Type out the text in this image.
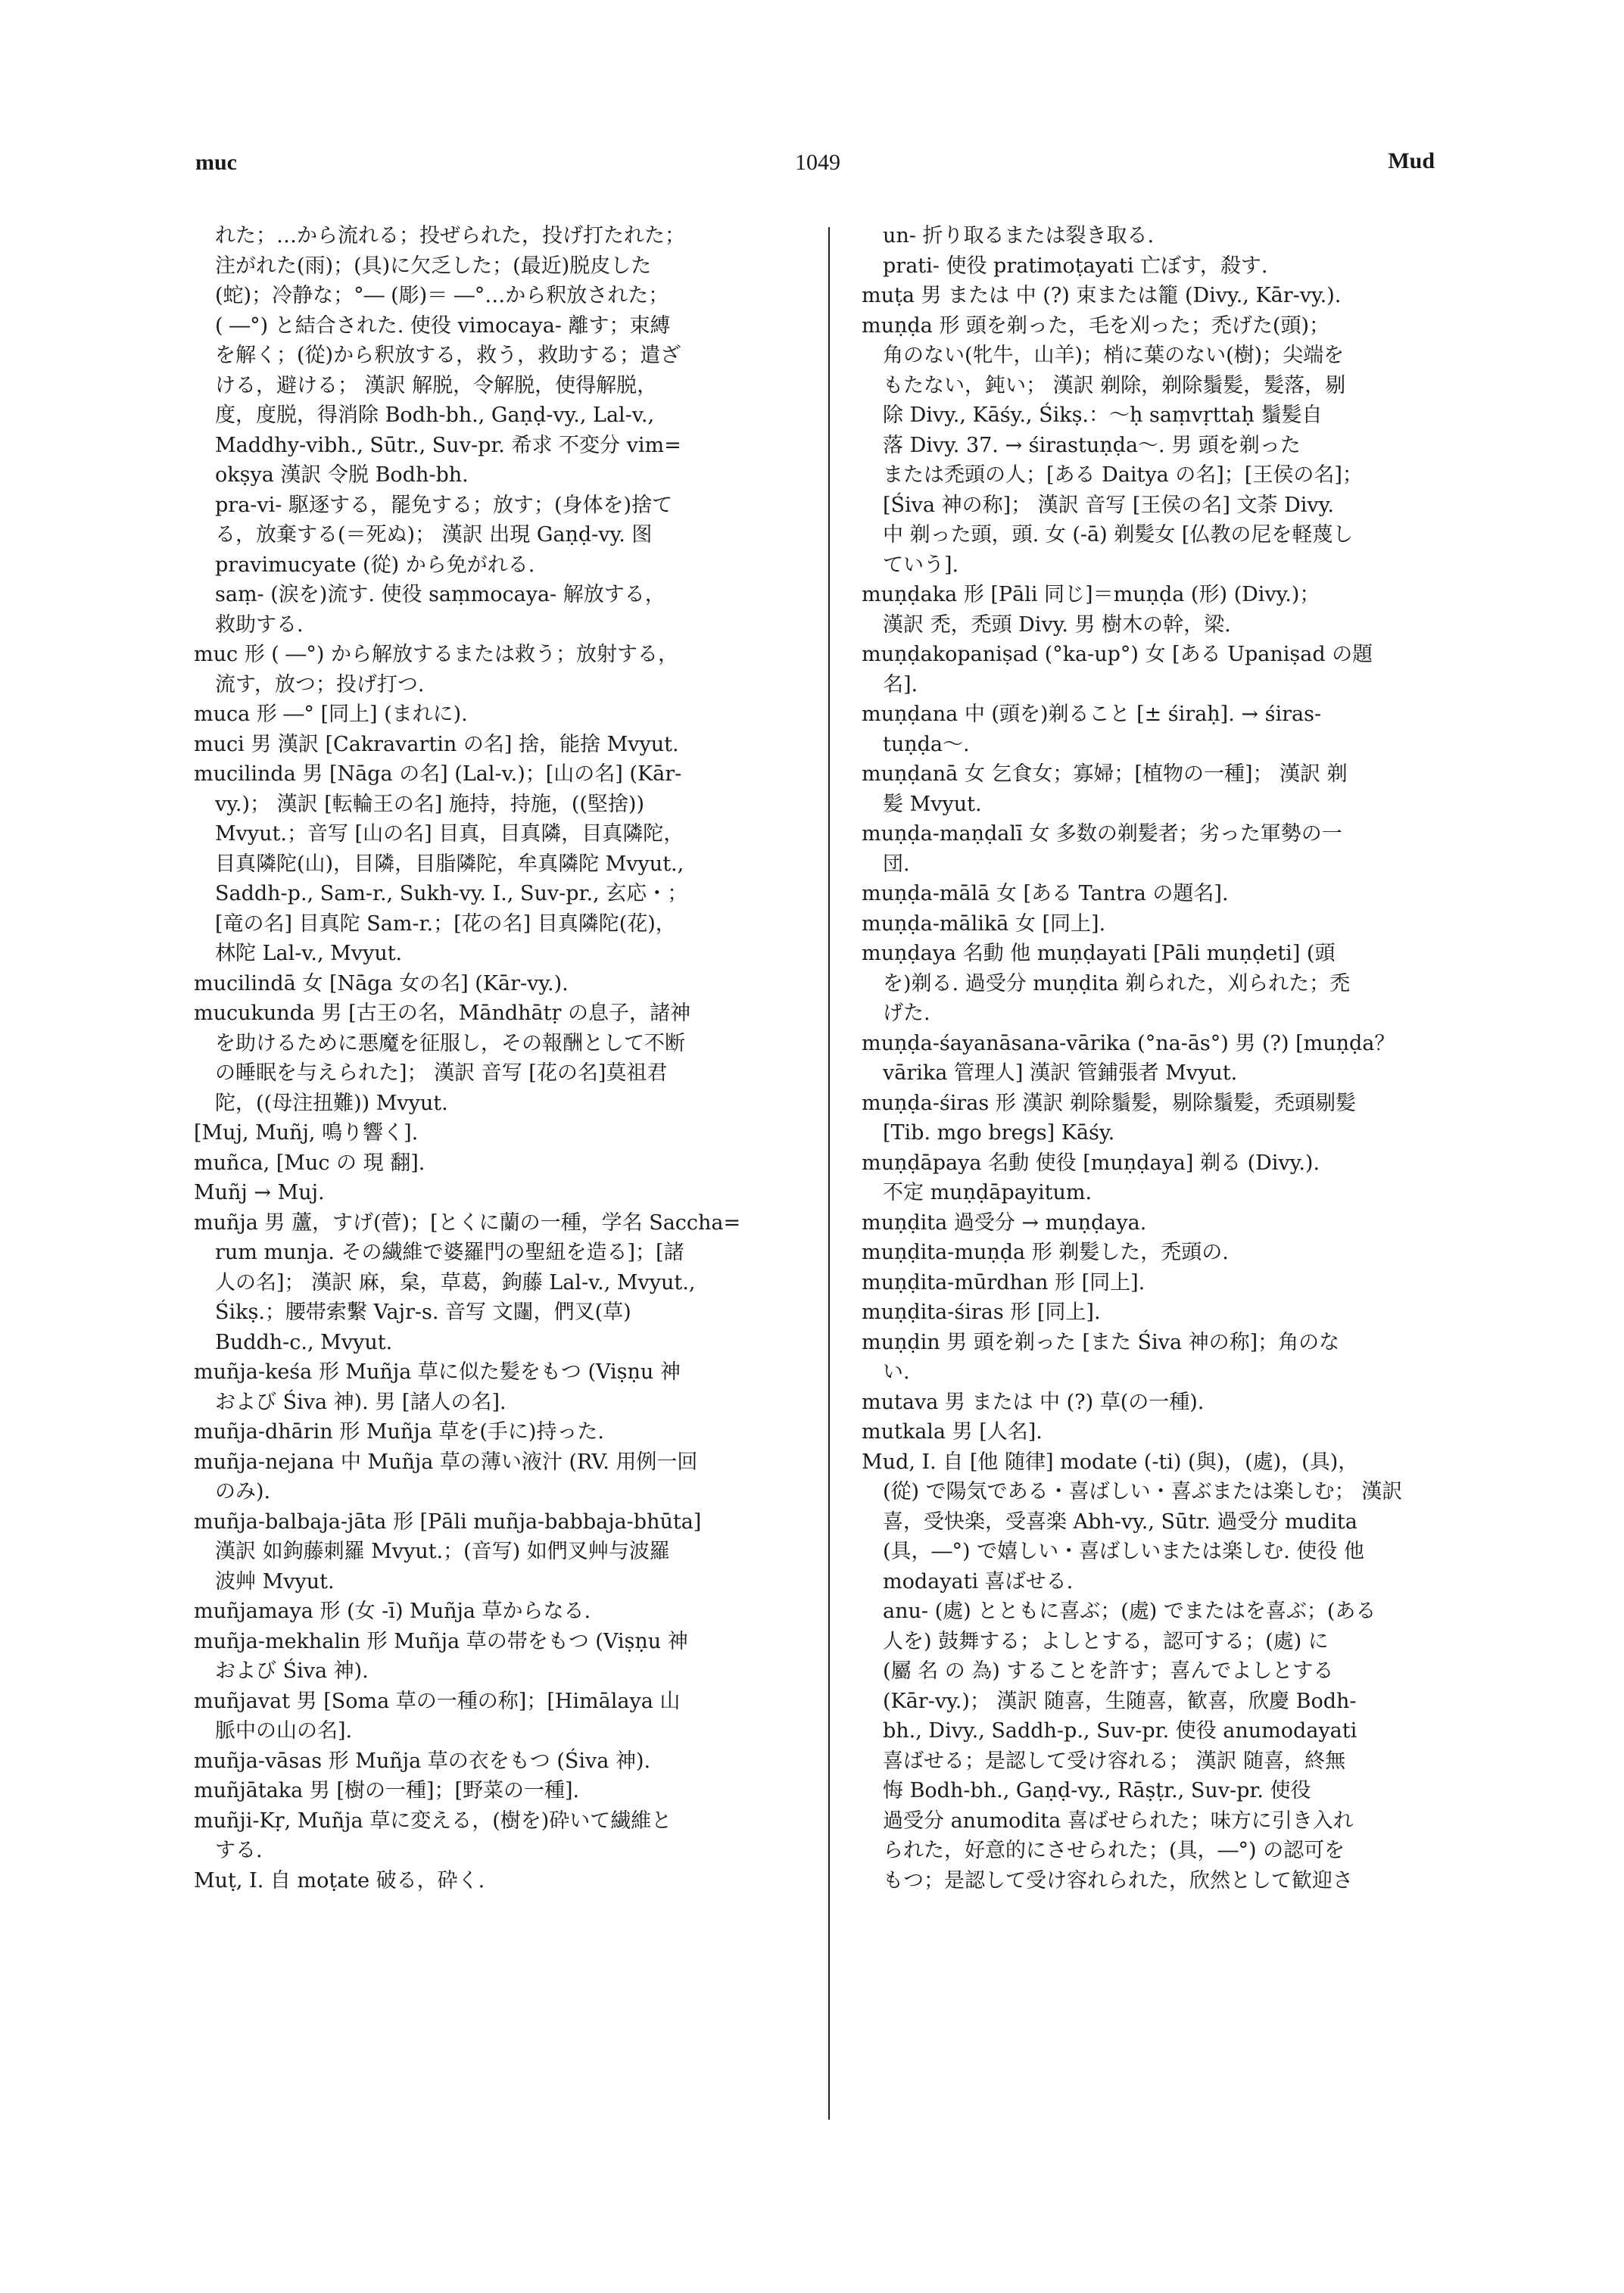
muc	1049	Mud
れた；…から流れる；投ぜられた，投げ打たれた；
注がれた(雨)；(具)に欠乏した；(最近)脱皮した
(蛇)；冷静な；°― (彫)＝ ―°…から釈放された；
( ―°) と結合された. 使役 vimocaya- 離す；束縛
を解く；(從)から釈放する，救う，救助する；遣ざ
ける，避ける； 漢訳 解脱，令解脱，使得解脱，
度，度脱，得消除 Bodh-bh., Gaṇḍ-vy., Lal-v.,
Maddhy-vibh., Sūtr., Suv-pr. 希求 不変分 vim=
okṣya 漢訳 令脱 Bodh-bh.
pra-vi- 駆逐する，罷免する；放す；(身体を)捨て
る，放棄する(＝死ぬ)； 漢訳 出現 Gaṇḍ-vy. 图
pravimucyate (從) から免がれる.
saṃ- (涙を)流す. 使役 saṃmocaya- 解放する，
救助する.
muc 形 ( ―°) から解放するまたは救う；放射する，
流す，放つ；投げ打つ.
muca 形 ―° [同上] (まれに).
muci 男 漢訳 [Cakravartin の名] 捨，能捨 Mvyut.
mucilinda 男 [Nāga の名] (Lal-v.)；[山の名] (Kār-
vy.)； 漢訳 [転輪王の名] 施持，持施，((堅捨))
Mvyut.；音写 [山の名] 目真，目真隣，目真隣陀，
目真隣陀(山)，目隣，目脂隣陀，牟真隣陀 Mvyut.,
Saddh-p., Sam-r., Sukh-vy. I., Suv-pr., 玄応・；
[竜の名] 目真陀 Sam-r.；[花の名] 目真隣陀(花)，
林陀 Lal-v., Mvyut.
mucilindā 女 [Nāga 女の名] (Kār-vy.).
mucukunda 男 [古王の名，Māndhātṛ の息子，諸神
を助けるために悪魔を征服し，その報酬として不断
の睡眠を与えられた]； 漢訳 音写 [花の名]莫祖君
陀，((母注扭難)) Mvyut.
[Muj, Muñj, 鳴り響く].
muñca, [Muc の 現 翻].
Muñj → Muj.
muñja 男 蘆，すげ(菅)；[とくに蘭の一種，学名 Saccha=
rum munja. その繊維で婆羅門の聖紐を造る]；[諸
人の名]； 漢訳 麻，枲，草葛，鉤藤 Lal-v., Mvyut.,
Śikṣ.；腰帯索繫 Vajr-s. 音写 文闥，們叉(草)
Buddh-c., Mvyut.
muñja-keśa 形 Muñja 草に似た髪をもつ (Viṣṇu 神
および Śiva 神). 男 [諸人の名].
muñja-dhārin 形 Muñja 草を(手に)持った.
muñja-nejana 中 Muñja 草の薄い液汁 (RV. 用例一回
のみ).
muñja-balbaja-jāta 形 [Pāli muñja-babbaja-bhūta]
漢訳 如鉤藤刺羅 Mvyut.；(音写) 如們叉艸与波羅
波艸 Mvyut.
muñjamaya 形 (女 -ī) Muñja 草からなる.
muñja-mekhalin 形 Muñja 草の帯をもつ (Viṣṇu 神
および Śiva 神).
muñjavat 男 [Soma 草の一種の称]；[Himālaya 山
脈中の山の名].
muñja-vāsas 形 Muñja 草の衣をもつ (Śiva 神).
muñjātaka 男 [樹の一種]；[野菜の一種].
muñji-Kṛ, Muñja 草に変える，(樹を)砕いて繊維と
する.
Muṭ, I. 自 moṭate 破る，砕く.
un- 折り取るまたは裂き取る.
prati- 使役 pratimoṭayati 亡ぼす，殺す.
muṭa 男 または 中 (?) 束または籠 (Divy., Kār-vy.).
muṇḍa 形 頭を剃った，毛を刈った；禿げた(頭)；
角のない(牝牛，山羊)；梢に葉のない(樹)；尖端を
もたない，鈍い； 漢訳 剃除，剃除鬚髪，髪落，剔
除 Divy., Kāśy., Śikṣ.：～ḥ saṃvṛttaḥ 鬚髪自
落 Divy. 37. → śirastuṇḍa～. 男 頭を剃った
または禿頭の人；[ある Daitya の名]；[王侯の名]；
[Śiva 神の称]； 漢訳 音写 [王侯の名] 文荼 Divy.
中 剃った頭，頭. 女 (-ā) 剃髪女 [仏教の尼を軽蔑し
ていう].
muṇḍaka 形 [Pāli 同じ]＝muṇḍa (形) (Divy.)；
漢訳 禿，禿頭 Divy. 男 樹木の幹，梁.
muṇḍakopaniṣad (°ka-up°) 女 [ある Upaniṣad の題
名].
muṇḍana 中 (頭を)剃ること [± śiraḥ]. → śiras-
tuṇḍa～.
muṇḍanā 女 乞食女；寡婦；[植物の一種]； 漢訳 剃
髪 Mvyut.
muṇḍa-maṇḍalī 女 多数の剃髪者；劣った軍勢の一
団.
muṇḍa-mālā 女 [ある Tantra の題名].
muṇḍa-mālikā 女 [同上].
muṇḍaya 名動 他 muṇḍayati [Pāli muṇḍeti] (頭
を)剃る. 過受分 muṇḍita 剃られた，刈られた；禿
げた.
muṇḍa-śayanāsana-vārika (°na-ās°) 男 (?) [muṇḍa？
vārika 管理人] 漢訳 管鋪張者 Mvyut.
muṇḍa-śiras 形 漢訳 剃除鬚髪，剔除鬚髪，禿頭剔髪
[Tib. mgo bregs] Kāśy.
muṇḍāpaya 名動 使役 [muṇḍaya] 剃る (Divy.).
不定 muṇḍāpayitum.
muṇḍita 過受分 → muṇḍaya.
muṇḍita-muṇḍa 形 剃髪した，禿頭の.
muṇḍita-mūrdhan 形 [同上].
muṇḍita-śiras 形 [同上].
muṇḍin 男 頭を剃った [また Śiva 神の称]；角のな
い.
mutava 男 または 中 (?) 草(の一種).
mutkala 男 [人名].
Mud, I. 自 [他 随律] modate (-ti) (與)，(處)，(具)，
(從) で陽気である・喜ばしい・喜ぶまたは楽しむ； 漢訳
喜，受快楽，受喜楽 Abh-vy., Sūtr. 過受分 mudita
(具，―°) で嬉しい・喜ばしいまたは楽しむ. 使役 他
modayati 喜ばせる.
anu- (處) とともに喜ぶ；(處) でまたはを喜ぶ；(ある
人を) 鼓舞する；よしとする，認可する；(處) に
(屬 名 の 為) することを許す；喜んでよしとする
(Kār-vy.)； 漢訳 随喜，生随喜，歓喜，欣慶 Bodh-
bh., Divy., Saddh-p., Suv-pr. 使役 anumodayati
喜ばせる；是認して受け容れる； 漢訳 随喜，終無
悔 Bodh-bh., Gaṇḍ-vy., Rāṣṭr., Suv-pr. 使役
過受分 anumodita 喜ばせられた；味方に引き入れ
られた，好意的にさせられた；(具，―°) の認可を
もつ；是認して受け容れられた，欣然として歓迎さ
